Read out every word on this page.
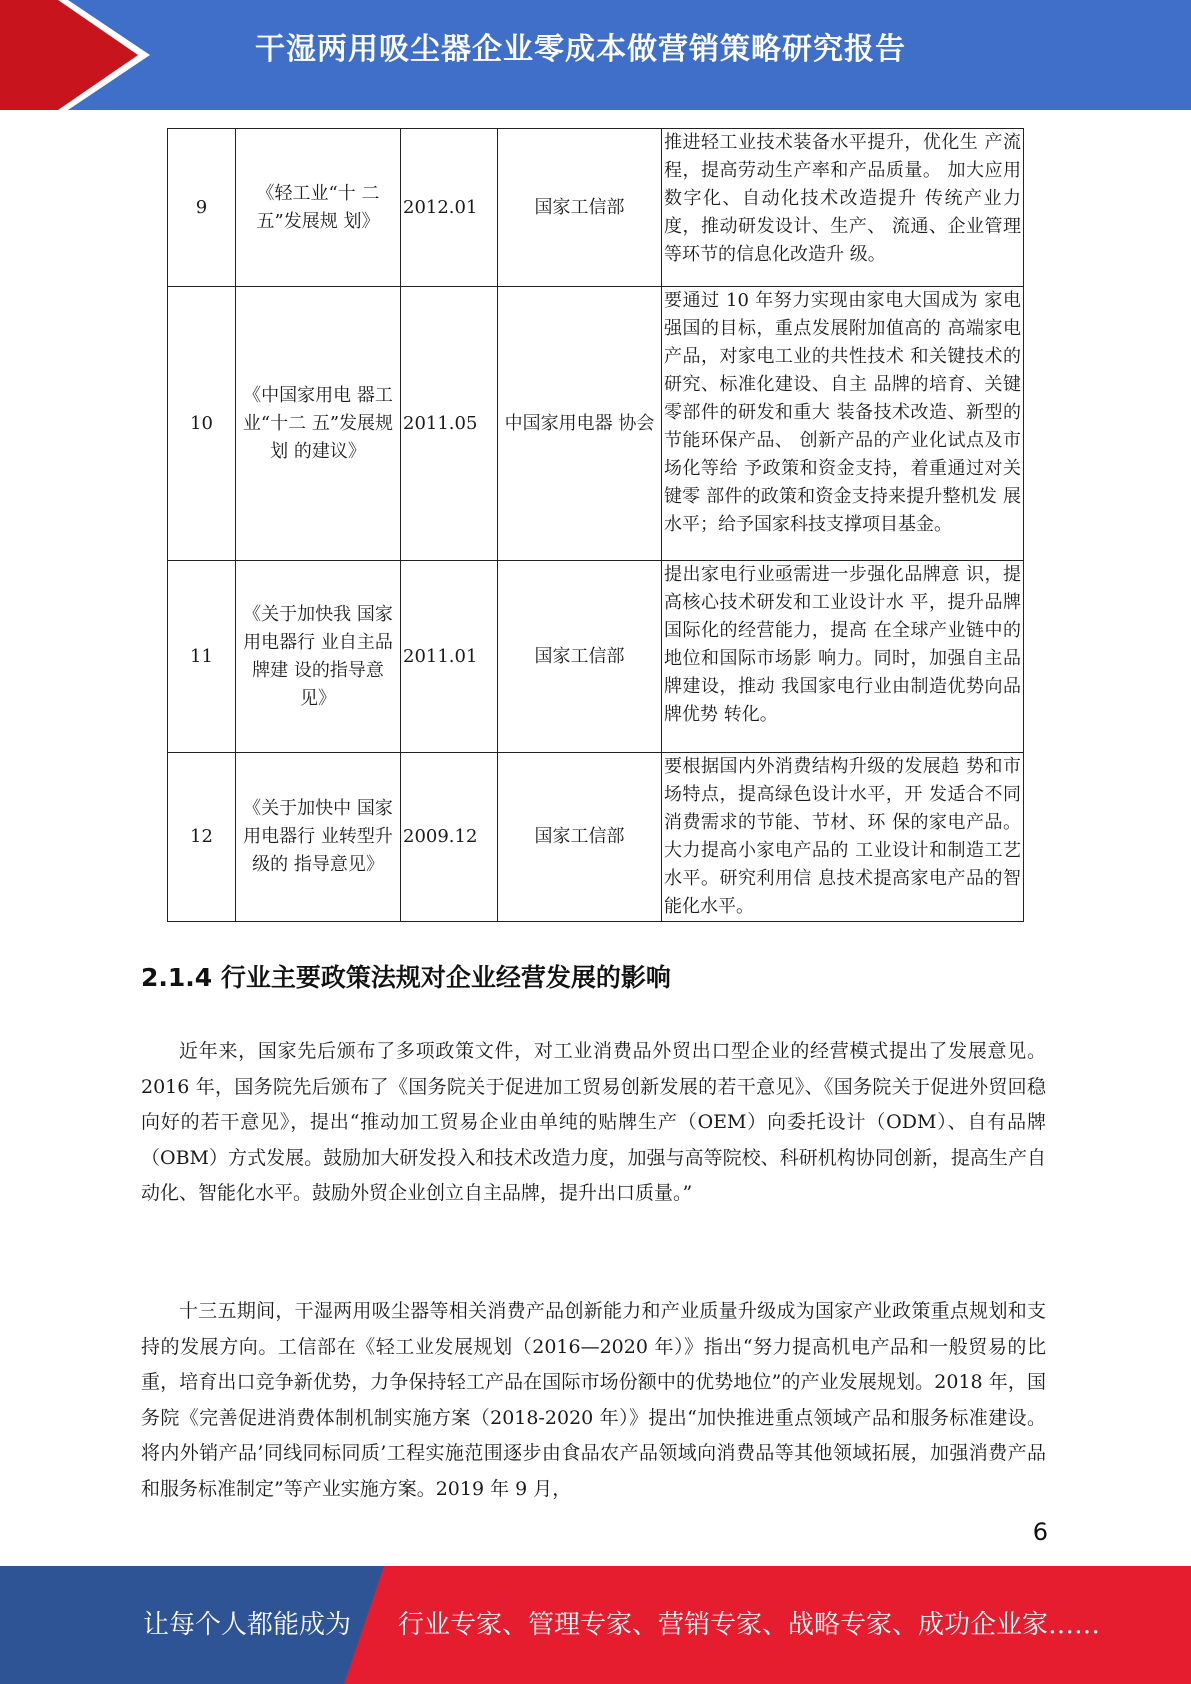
干湿两用吸尘器企业零成本做营销策略研究报告
9	《轻工业“十 二五”发展规 划》	2012.01	国家工信部	推进轻工业技术装备水平提升，优化生 产流程，提高劳动生产率和产品质量。 加大应用数字化、自动化技术改造提升 传统产业力度，推动研发设计、生产、 流通、企业管理等环节的信息化改造升 级。
10	《中国家用电 器工业“十二 五”发展规划 的建议》	2011.05	中国家用电器 协会	要通过 10 年努力实现由家电大国成为 家电强国的目标，重点发展附加值高的 高端家电产品，对家电工业的共性技术 和关键技术的研究、标准化建设、自主 品牌的培育、关键零部件的研发和重大 装备技术改造、新型的节能环保产品、 创新产品的产业化试点及市场化等给 予政策和资金支持，着重通过对关键零 部件的政策和资金支持来提升整机发 展水平；给予国家科技支撑项目基金。
11	《关于加快我 国家用电器行 业自主品牌建 设的指导意 见》	2011.01	国家工信部	提出家电行业亟需进一步强化品牌意 识，提高核心技术研发和工业设计水 平，提升品牌国际化的经营能力，提高 在全球产业链中的地位和国际市场影 响力。同时，加强自主品牌建设，推动 我国家电行业由制造优势向品牌优势 转化。
12	《关于加快中 国家用电器行 业转型升级的 指导意见》	2009.12	国家工信部	要根据国内外消费结构升级的发展趋 势和市场特点，提高绿色设计水平，开 发适合不同消费需求的节能、节材、环 保的家电产品。大力提高小家电产品的 工业设计和制造工艺水平。研究利用信 息技术提高家电产品的智能化水平。
2.1.4 行业主要政策法规对企业经营发展的影响

近年来，国家先后颁布了多项政策文件，对工业消费品外贸出口型企业的经营模式提出了发展意见。2016 年，国务院先后颁布了《国务院关于促进加工贸易创新发展的若干意见》、《国务院关于促进外贸回稳向好的若干意见》，提出“推动加工贸易企业由单纯的贴牌生产（OEM）向委托设计（ODM）、自有品牌（OBM）方式发展。鼓励加大研发投入和技术改造力度，加强与高等院校、科研机构协同创新，提高生产自动化、智能化水平。鼓励外贸企业创立自主品牌，提升出口质量。”

十三五期间，干湿两用吸尘器等相关消费产品创新能力和产业质量升级成为国家产业政策重点规划和支持的发展方向。工信部在《轻工业发展规划（2016—2020 年）》指出“努力提高机电产品和一般贸易的比重，培育出口竞争新优势，力争保持轻工产品在国际市场份额中的优势地位”的产业发展规划。2018 年，国务院《完善促进消费体制机制实施方案（2018-2020 年）》提出“加快推进重点领域产品和服务标准建设。将内外销产品’同线同标同质’工程实施范围逐步由食品农产品领域向消费品等其他领域拓展，加强消费产品和服务标准制定”等产业实施方案。2019 年 9 月，

6
让每个人都能成为 行业专家、管理专家、营销专家、战略专家、成功企业家……
